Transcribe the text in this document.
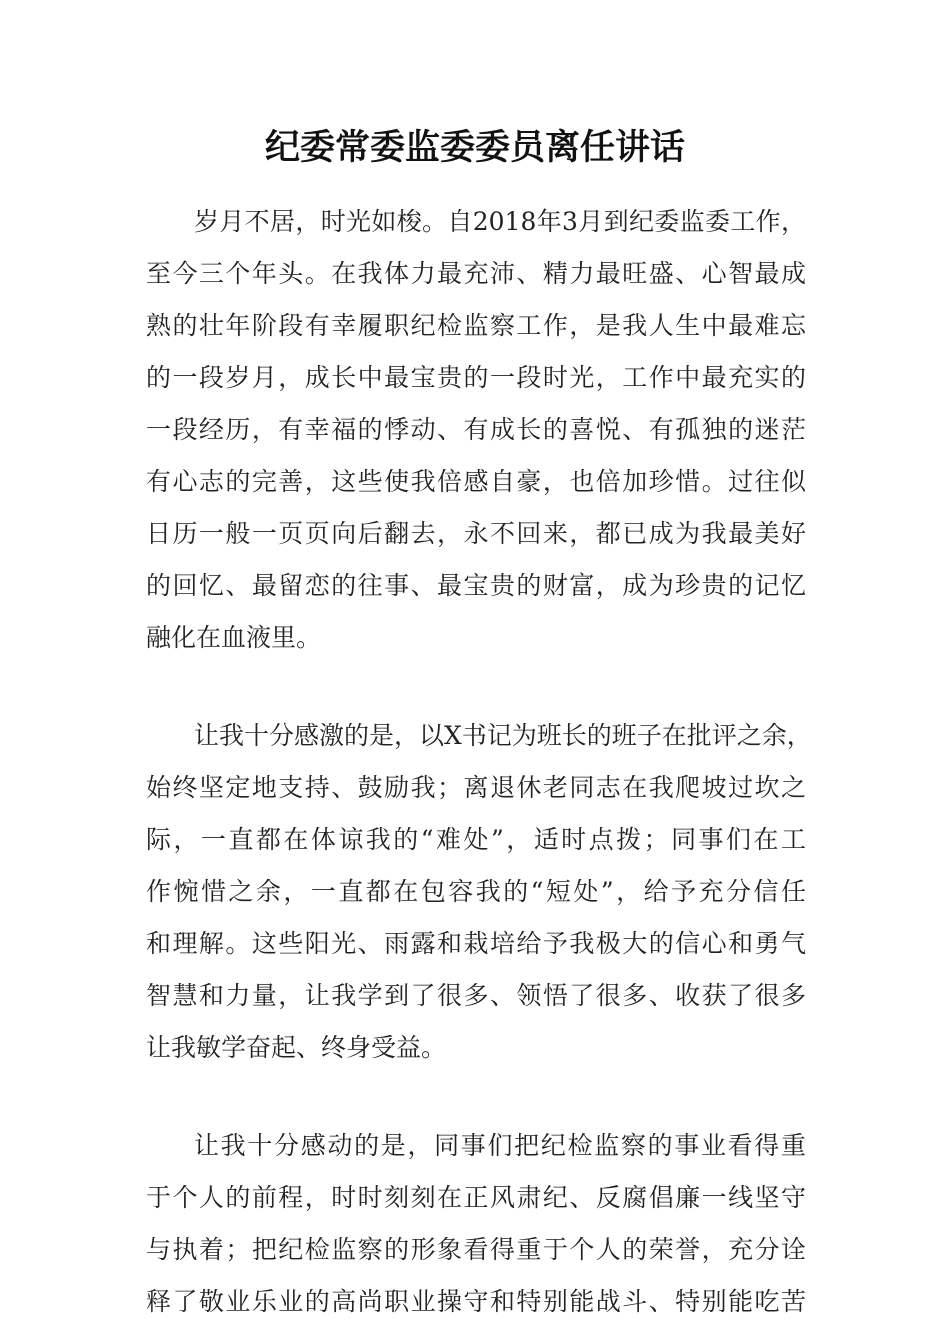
纪委常委监委委员离任讲话
岁月不居，时光如梭。自2018年3月到纪委监委工作，
至今三个年头。在我体力最充沛、精力最旺盛、心智最成
熟的壮年阶段有幸履职纪检监察工作，是我人生中最难忘
的一段岁月，成长中最宝贵的一段时光，工作中最充实的
一段经历，有幸福的悸动、有成长的喜悦、有孤独的迷茫
有心志的完善，这些使我倍感自豪，也倍加珍惜。过往似
日历一般一页页向后翻去，永不回来，都已成为我最美好
的回忆、最留恋的往事、最宝贵的财富，成为珍贵的记忆
融化在血液里。
让我十分感激的是，以X书记为班长的班子在批评之余，
始终坚定地支持、鼓励我；离退休老同志在我爬坡过坎之
际，一直都在体谅我的“难处”，适时点拨；同事们在工
作惋惜之余，一直都在包容我的“短处”，给予充分信任
和理解。这些阳光、雨露和栽培给予我极大的信心和勇气
智慧和力量，让我学到了很多、领悟了很多、收获了很多
让我敏学奋起、终身受益。
让我十分感动的是，同事们把纪检监察的事业看得重
于个人的前程，时时刻刻在正风肃纪、反腐倡廉一线坚守
与执着；把纪检监察的形象看得重于个人的荣誉，充分诠
释了敬业乐业的高尚职业操守和特别能战斗、特别能吃苦
